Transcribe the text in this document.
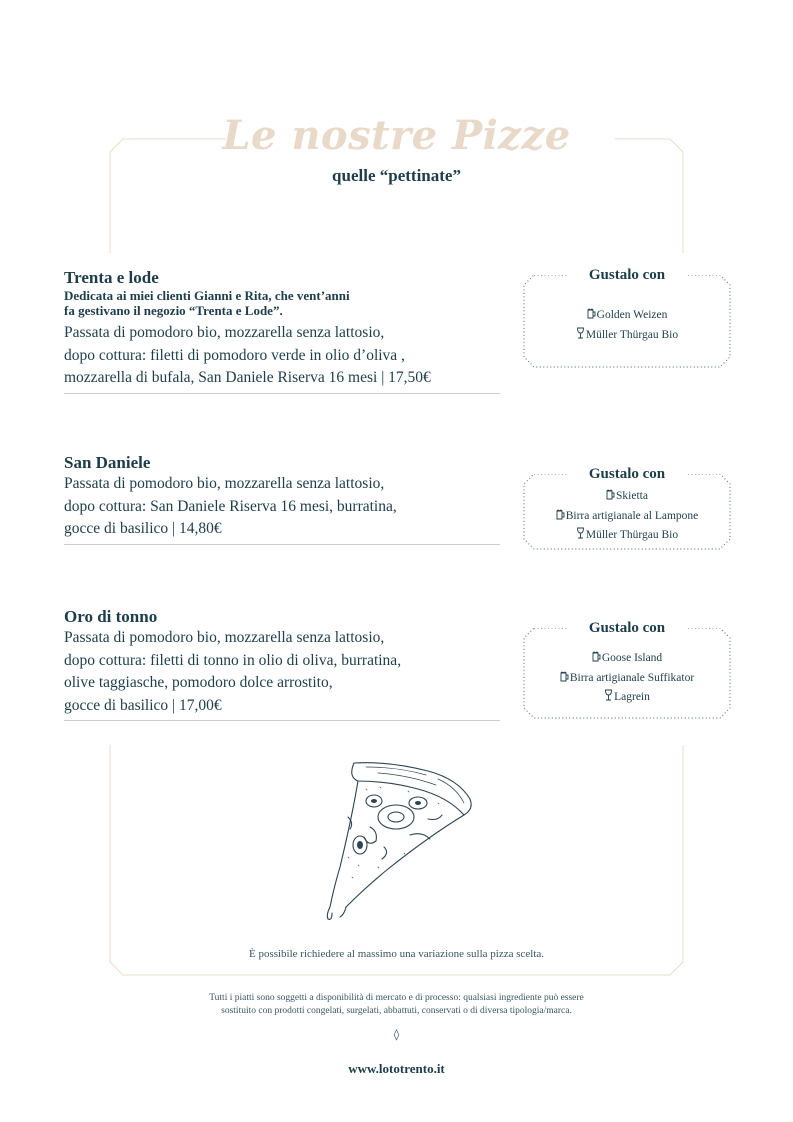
Le nostre Pizze
quelle “pettinate”
Trenta e lode
Dedicata ai miei clienti Gianni e Rita, che vent’anni
fa gestivano il negozio “Trenta e Lode”.
Passata di pomodoro bio, mozzarella senza lattosio,
dopo cottura: filetti di pomodoro verde in olio d’oliva ,
mozzarella di bufala, San Daniele Riserva 16 mesi | 17,50€
San Daniele
Passata di pomodoro bio, mozzarella senza lattosio,
dopo cottura: San Daniele Riserva 16 mesi, burratina,
gocce di basilico | 14,80€
Oro di tonno
Passata di pomodoro bio, mozzarella senza lattosio,
dopo cottura: filetti di tonno in olio di oliva, burratina,
olive taggiasche, pomodoro dolce arrostito,
gocce di basilico | 17,00€
Gustalo con
Golden Weizen
Müller Thürgau Bio
Gustalo con
Skietta
Birra artigianale al Lampone
Müller Thürgau Bio
Gustalo con
Goose Island
Birra artigianale Suffikator
Lagrein
È possibile richiedere al massimo una variazione sulla pizza scelta.
Tutti i piatti sono soggetti a disponibilità di mercato e di processo: qualsiasi ingrediente può essere
sostituito con prodotti congelati, surgelati, abbattuti, conservati o di diversa tipologia/marca.
◊
www.lototrento.it
